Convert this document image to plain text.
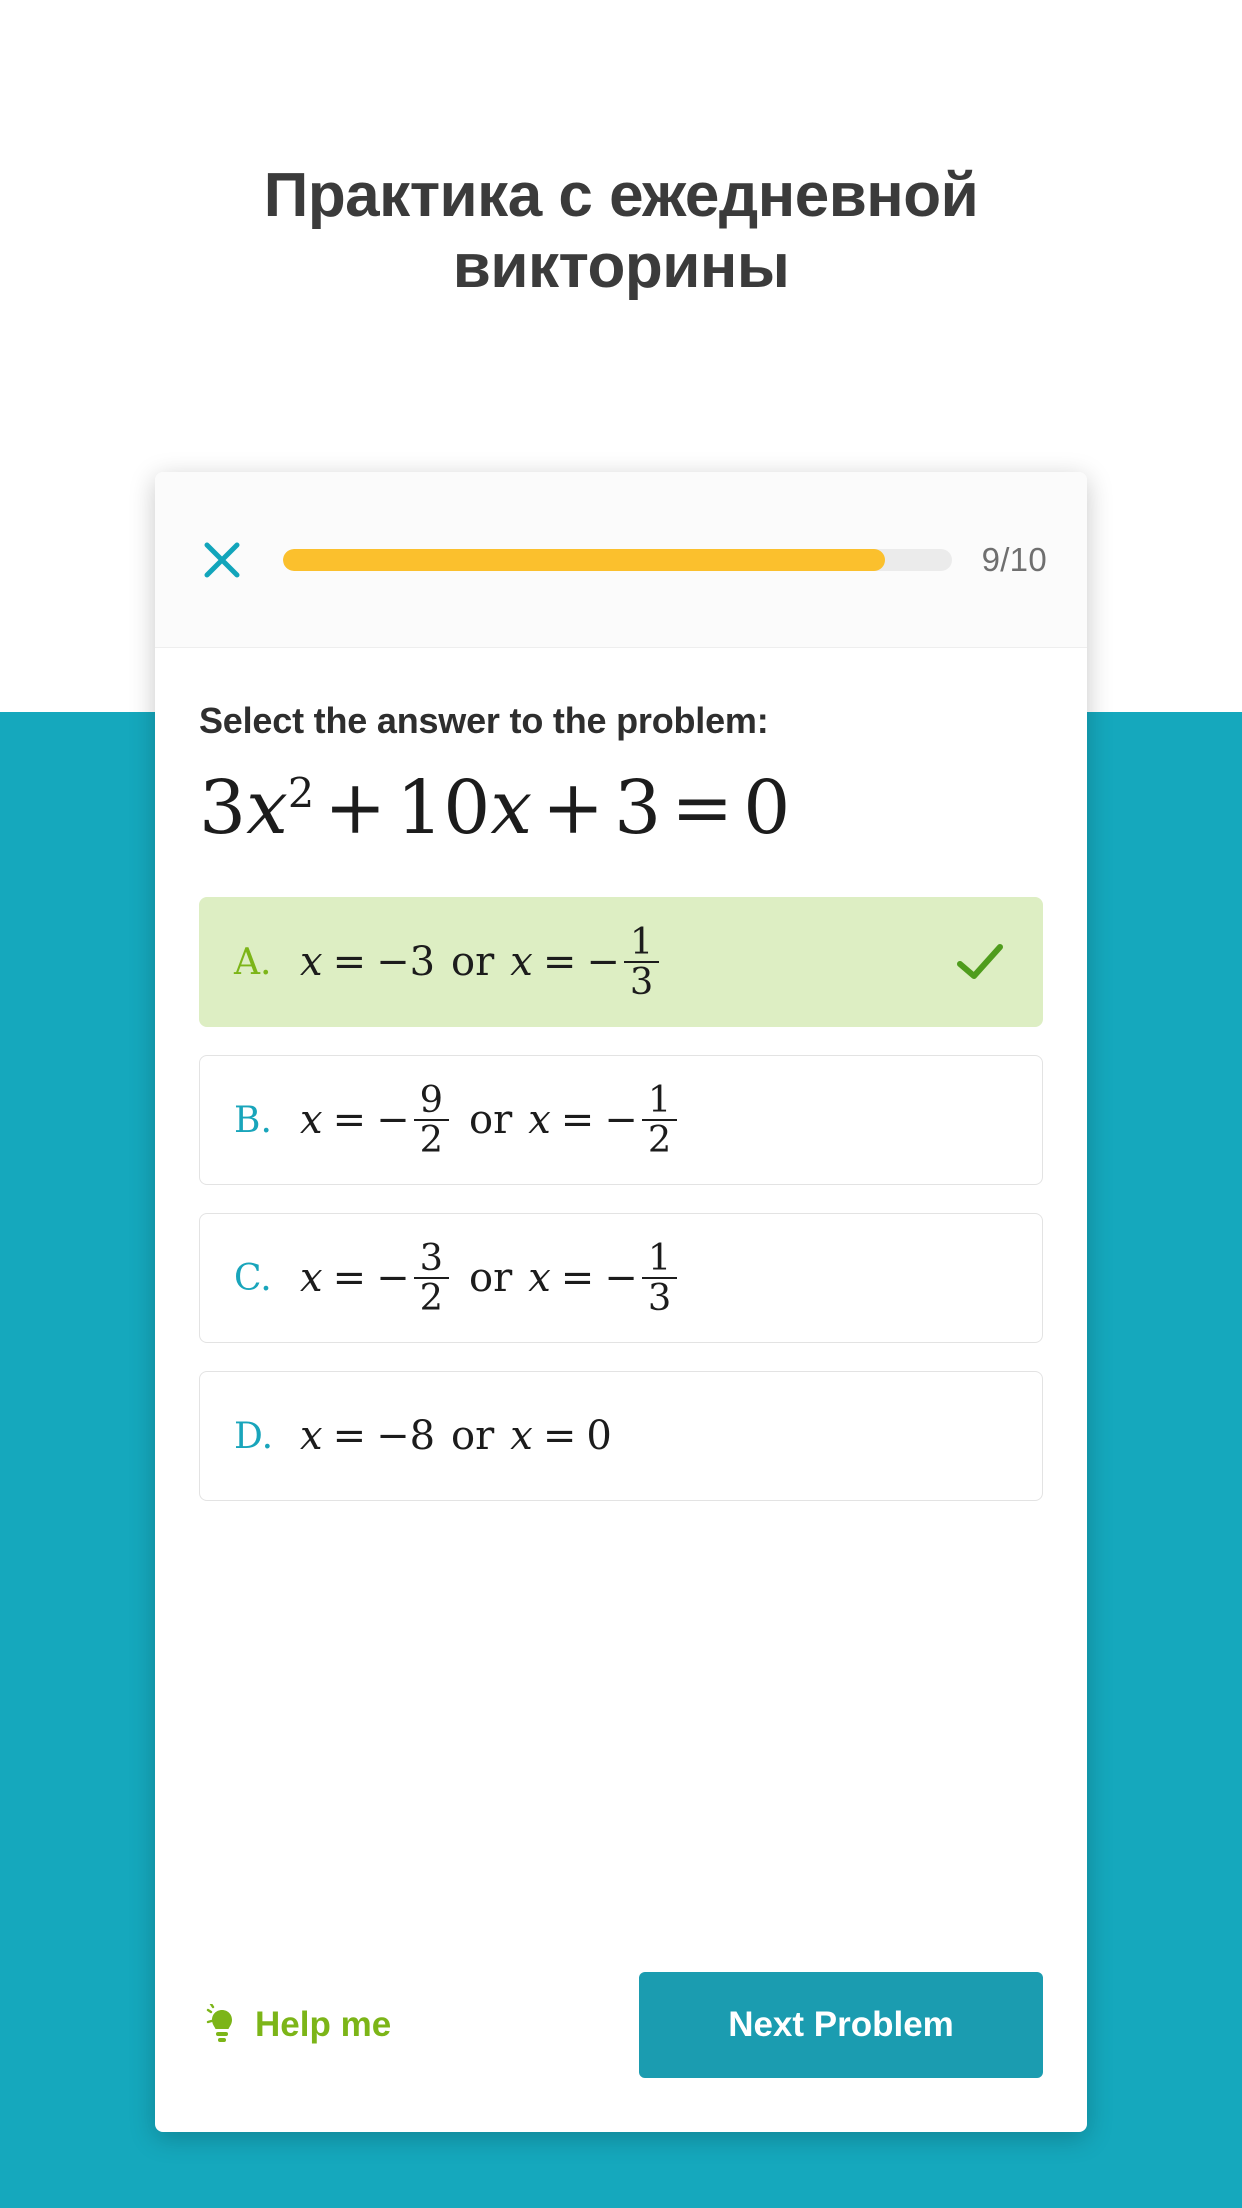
Практика с ежедневной викторины
9/10
Select the answer to the problem:
$3x^2 + 10x + 3 = 0$
A. x = −3 or x = − $\frac{1}{3}$
B. x = − $\frac{9}{2}$ or x = − $\frac{1}{2}$
C. x = − $\frac{3}{2}$ or x = − $\frac{1}{3}$
D. x = −8 or x = 0
Help me	Next Problem
